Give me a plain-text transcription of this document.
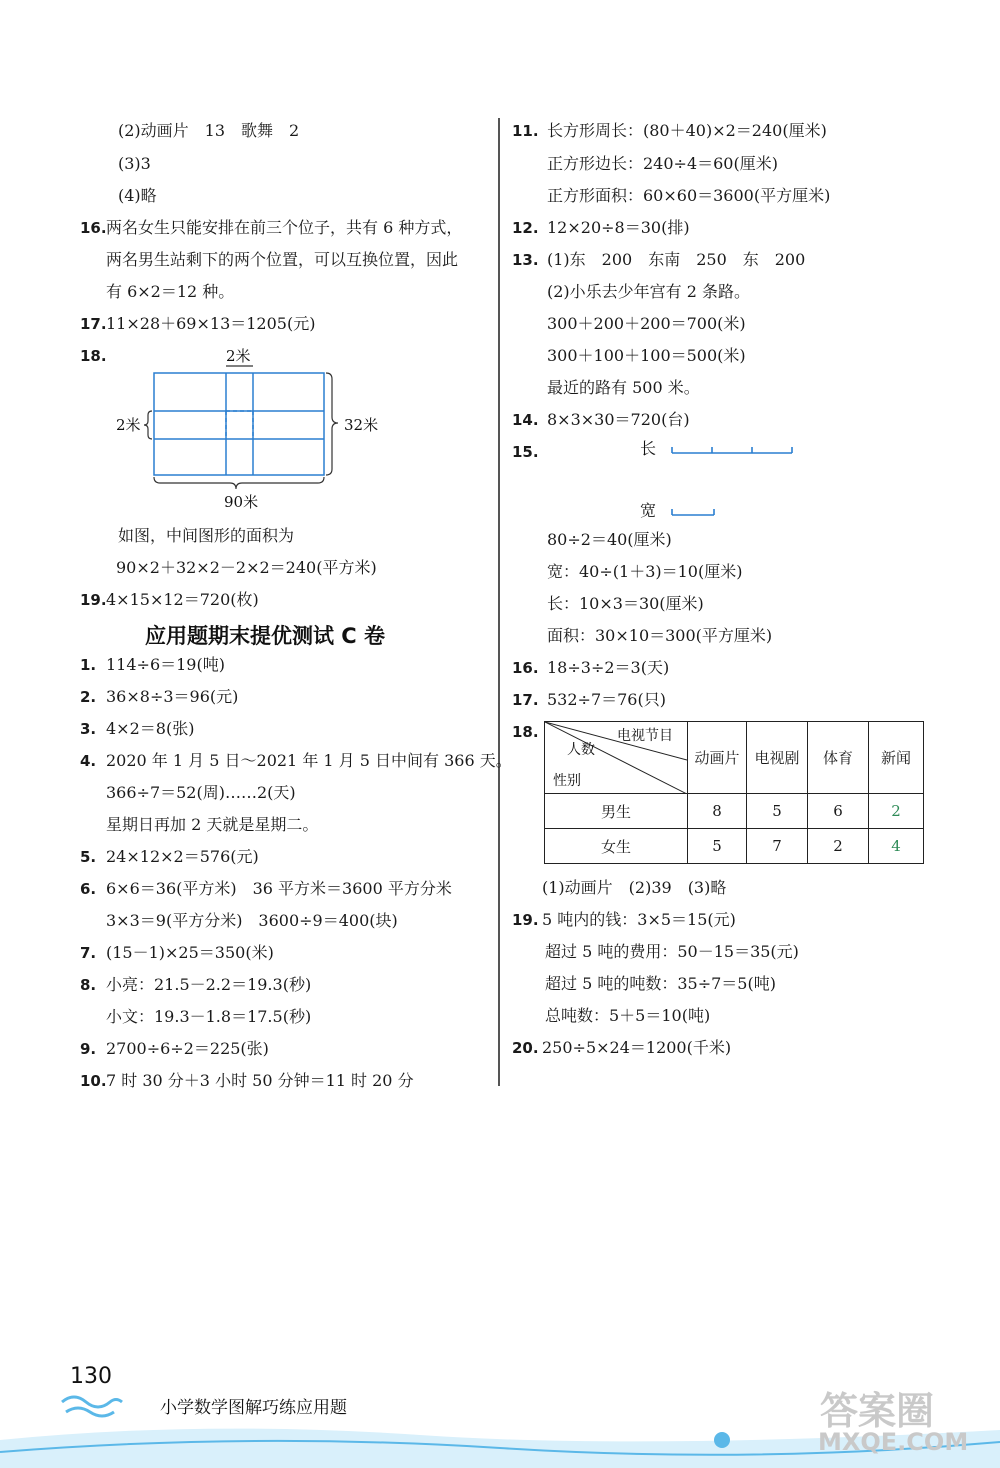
(2)动画片　13　歌舞　2
(3)3
(4)略
16. 两名女生只能安排在前三个位子，共有 6 种方式，
两名男生站剩下的两个位置，可以互换位置，因此
有 6×2＝12 种。
17. 11×28＋69×13＝1205(元)
18.	2米
2米	32米
90米
如图，中间图形的面积为
90×2＋32×2－2×2＝240(平方米)
19. 4×15×12＝720(枚)
1. 114÷6＝19(吨)
2. 36×8÷3＝96(元)
3. 4×2＝8(张)
4. 2020 年 1 月 5 日～2021 年 1 月 5 日中间有 366 天。
366÷7＝52(周)……2(天)
星期日再加 2 天就是星期二。
5. 24×12×2＝576(元)
6. 6×6＝36(平方米)　36 平方米＝3600 平方分米
3×3＝9(平方分米)　3600÷9＝400(块)
7. (15－1)×25＝350(米)
8. 小亮：21.5－2.2＝19.3(秒)
小文：19.3－1.8＝17.5(秒)
9. 2700÷6÷2＝225(张)
10. 7 时 30 分＋3 小时 50 分钟＝11 时 20 分
应用题期末提优测试 C 卷
11. 长方形周长：(80＋40)×2＝240(厘米)
正方形边长：240÷4＝60(厘米)
正方形面积：60×60＝3600(平方厘米)
12. 12×20÷8＝30(排)
13. (1)东　200　东南　250　东　200
(2)小乐去少年宫有 2 条路。
300＋200＋200＝700(米)
300＋100＋100＝500(米)
最近的路有 500 米。
14. 8×3×30＝720(台)
15.	长
宽
80÷2＝40(厘米)
宽：40÷(1＋3)＝10(厘米)
长：10×3＝30(厘米)
面积：30×10＝300(平方厘米)
16. 18÷3÷2＝3(天)
17. 532÷7＝76(只)
18.
(1)动画片　(2)39　(3)略
19. 5 吨内的钱：3×5＝15(元)
超过 5 吨的费用：50－15＝35(元)
超过 5 吨的吨数：35÷7＝5(吨)
总吨数：5＋5＝10(吨)
20. 250÷5×24＝1200(千米)
电视节目
人数
性别	动画片	电视剧	体育	新闻
男生	8	5	6	2
女生	5	7	2	4
130
小学数学图解巧练应用题	答案圈
MXQE.COM
